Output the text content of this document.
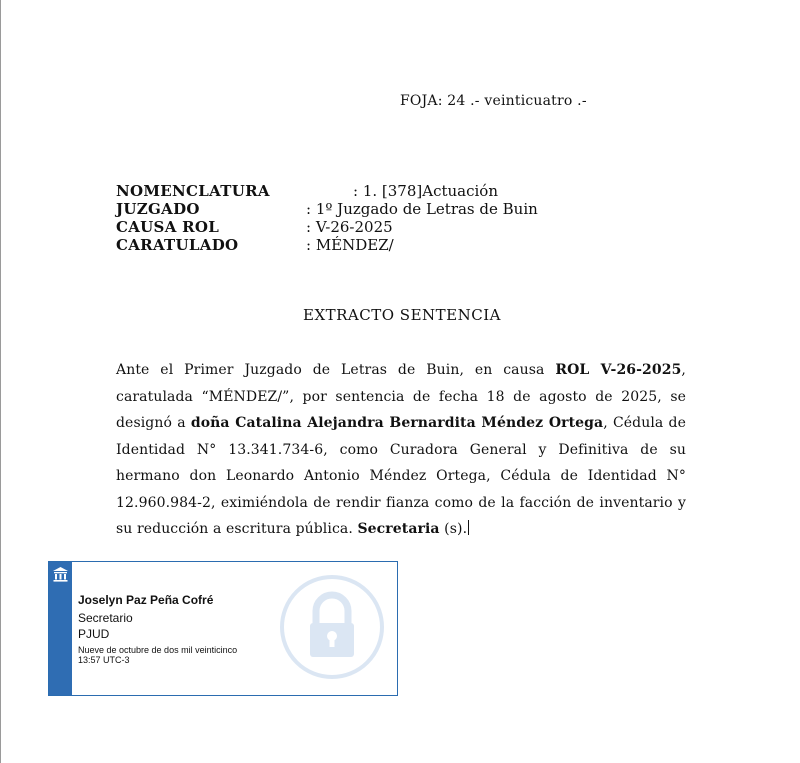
FOJA: 24 .- veinticuatro .-
NOMENCLATURA	: 1. [378]Actuación
JUZGADO	: 1º Juzgado de Letras de Buin
CAUSA ROL	: V-26-2025
CARATULADO	: MÉNDEZ/
EXTRACTO SENTENCIA
Ante el Primer Juzgado de Letras de Buin, en causa ROL V-26-2025, caratulada “MÉNDEZ/”, por sentencia de fecha 18 de agosto de 2025, se designó a doña Catalina Alejandra Bernardita Méndez Ortega, Cédula de Identidad N° 13.341.734-6, como Curadora General y Definitiva de su hermano don Leonardo Antonio Méndez Ortega, Cédula de Identidad N° 12.960.984-2, eximiéndola de rendir fianza como de la facción de inventario y su reducción a escritura pública. Secretaria (s).
Joselyn Paz Peña Cofré
Secretario
PJUD
Nueve de octubre de dos mil veinticinco
13:57 UTC-3
